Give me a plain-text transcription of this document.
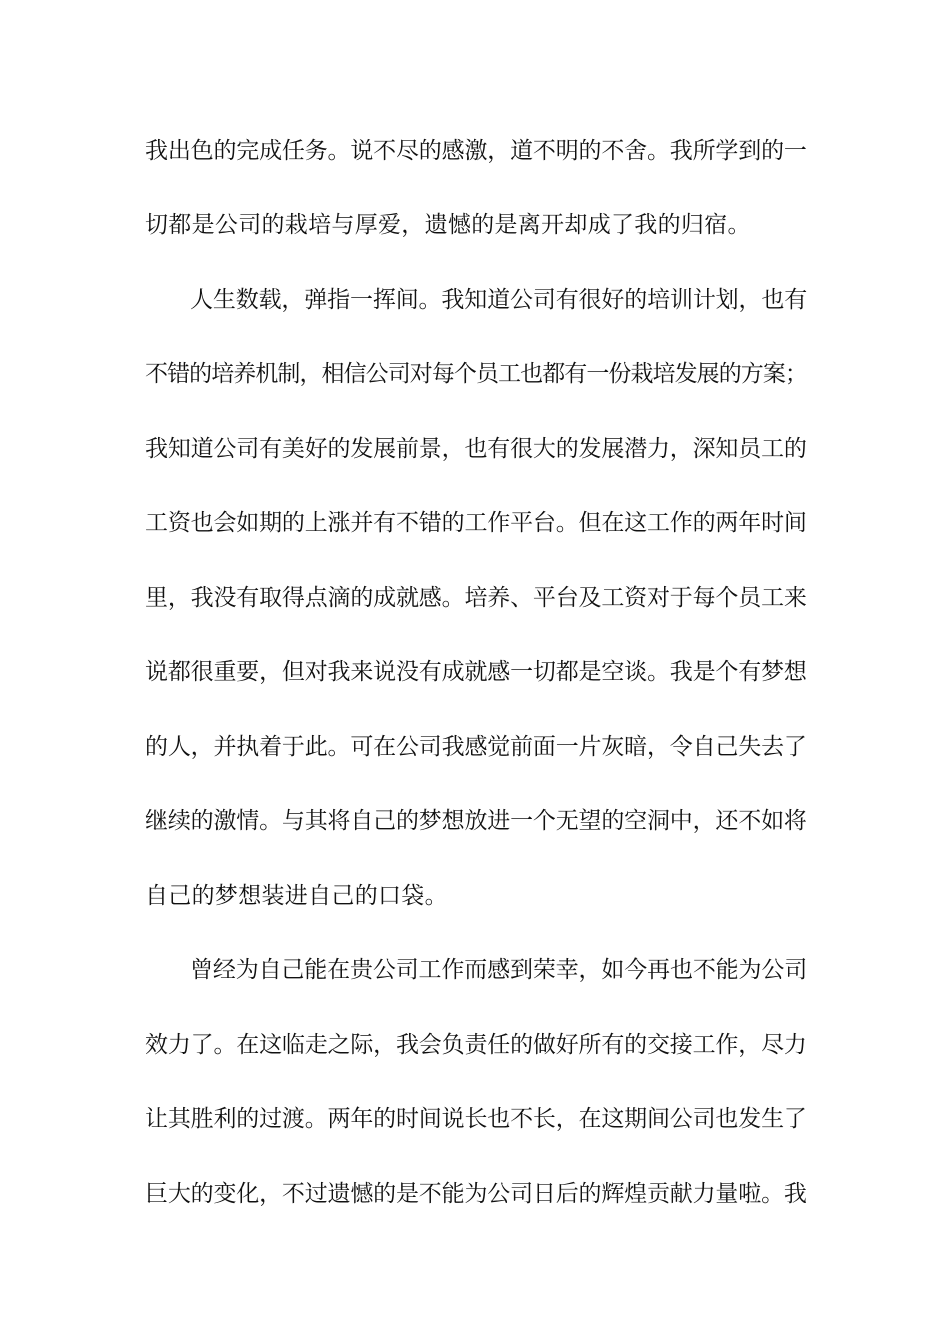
我出色的完成任务。说不尽的感激，道不明的不舍。我所学到的一
切都是公司的栽培与厚爱，遗憾的是离开却成了我的归宿。
人生数载，弹指一挥间。我知道公司有很好的培训计划，也有
不错的培养机制，相信公司对每个员工也都有一份栽培发展的方案；
我知道公司有美好的发展前景，也有很大的发展潜力，深知员工的
工资也会如期的上涨并有不错的工作平台。但在这工作的两年时间
里，我没有取得点滴的成就感。培养、平台及工资对于每个员工来
说都很重要，但对我来说没有成就感一切都是空谈。我是个有梦想
的人，并执着于此。可在公司我感觉前面一片灰暗，令自己失去了
继续的激情。与其将自己的梦想放进一个无望的空洞中，还不如将
自己的梦想装进自己的口袋。
曾经为自己能在贵公司工作而感到荣幸，如今再也不能为公司
效力了。在这临走之际，我会负责任的做好所有的交接工作，尽力
让其胜利的过渡。两年的时间说长也不长，在这期间公司也发生了
巨大的变化，不过遗憾的是不能为公司日后的辉煌贡献力量啦。我
